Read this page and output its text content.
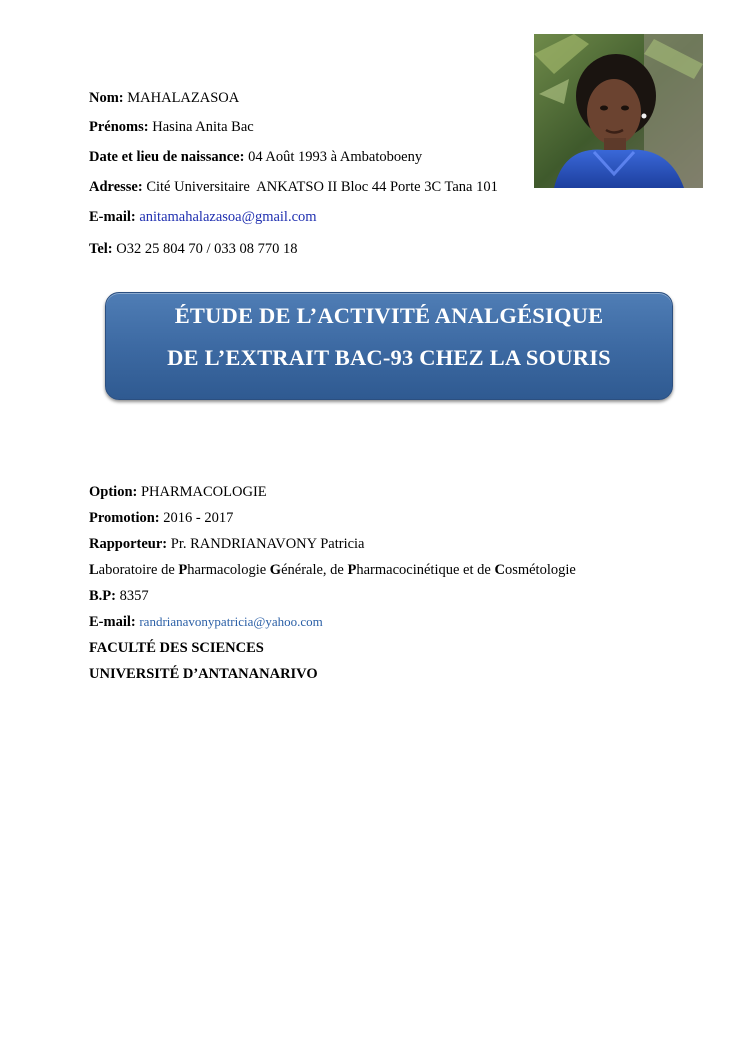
Nom: MAHALAZASOA
Prénoms: Hasina Anita Bac
Date et lieu de naissance: 04 Août 1993 à Ambatoboeny
Adresse: Cité Universitaire  ANKATSO II Bloc 44 Porte 3C Tana 101
E-mail: anitamahalazasoa@gmail.com
Tel: O32 25 804 70 / 033 08 770 18
ÉTUDE DE L’ACTIVITÉ ANALGÉSIQUE
DE L’EXTRAIT BAC-93 CHEZ LA SOURIS
Option: PHARMACOLOGIE
Promotion: 2016 - 2017
Rapporteur: Pr. RANDRIANAVONY Patricia
Laboratoire de Pharmacologie Générale, de Pharmacocinétique et de Cosmétologie
B.P: 8357
E-mail: randrianavonypatricia@yahoo.com
FACULTÉ DES SCIENCES
UNIVERSITÉ D’ANTANANARIVO
